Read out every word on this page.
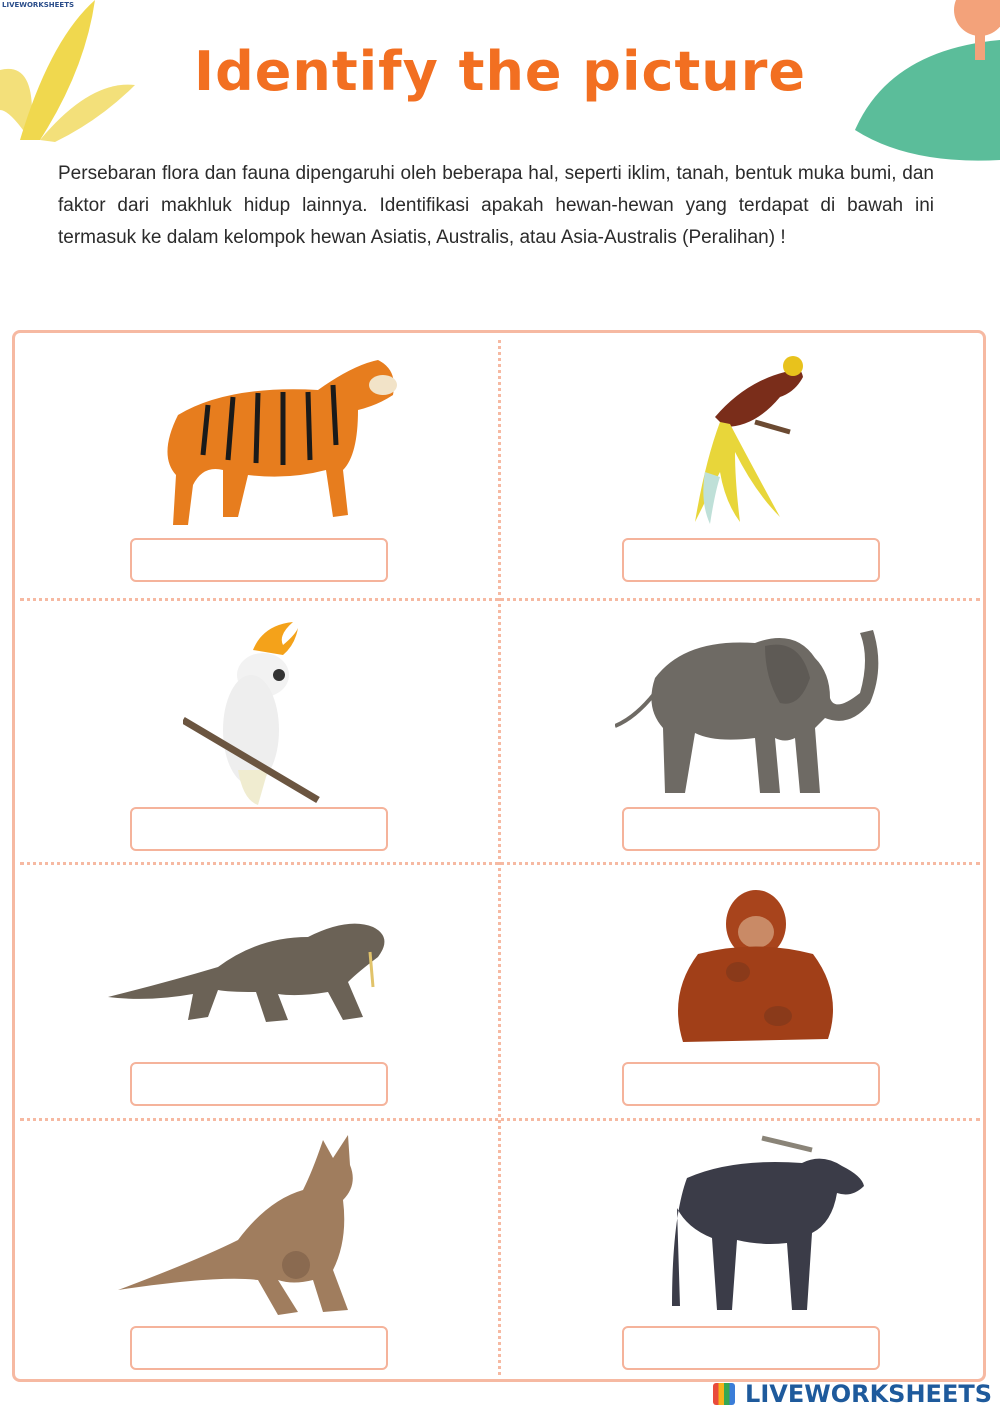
LIVEWORKSHEETS
Identify the picture
Persebaran flora dan fauna dipengaruhi oleh beberapa hal, seperti iklim, tanah, bentuk muka bumi, dan faktor dari makhluk hidup lainnya. Identifikasi apakah hewan-hewan yang terdapat di bawah ini termasuk ke dalam kelompok hewan Asiatis, Australis, atau Asia-Australis (Peralihan) !
LIVEWORKSHEETS
